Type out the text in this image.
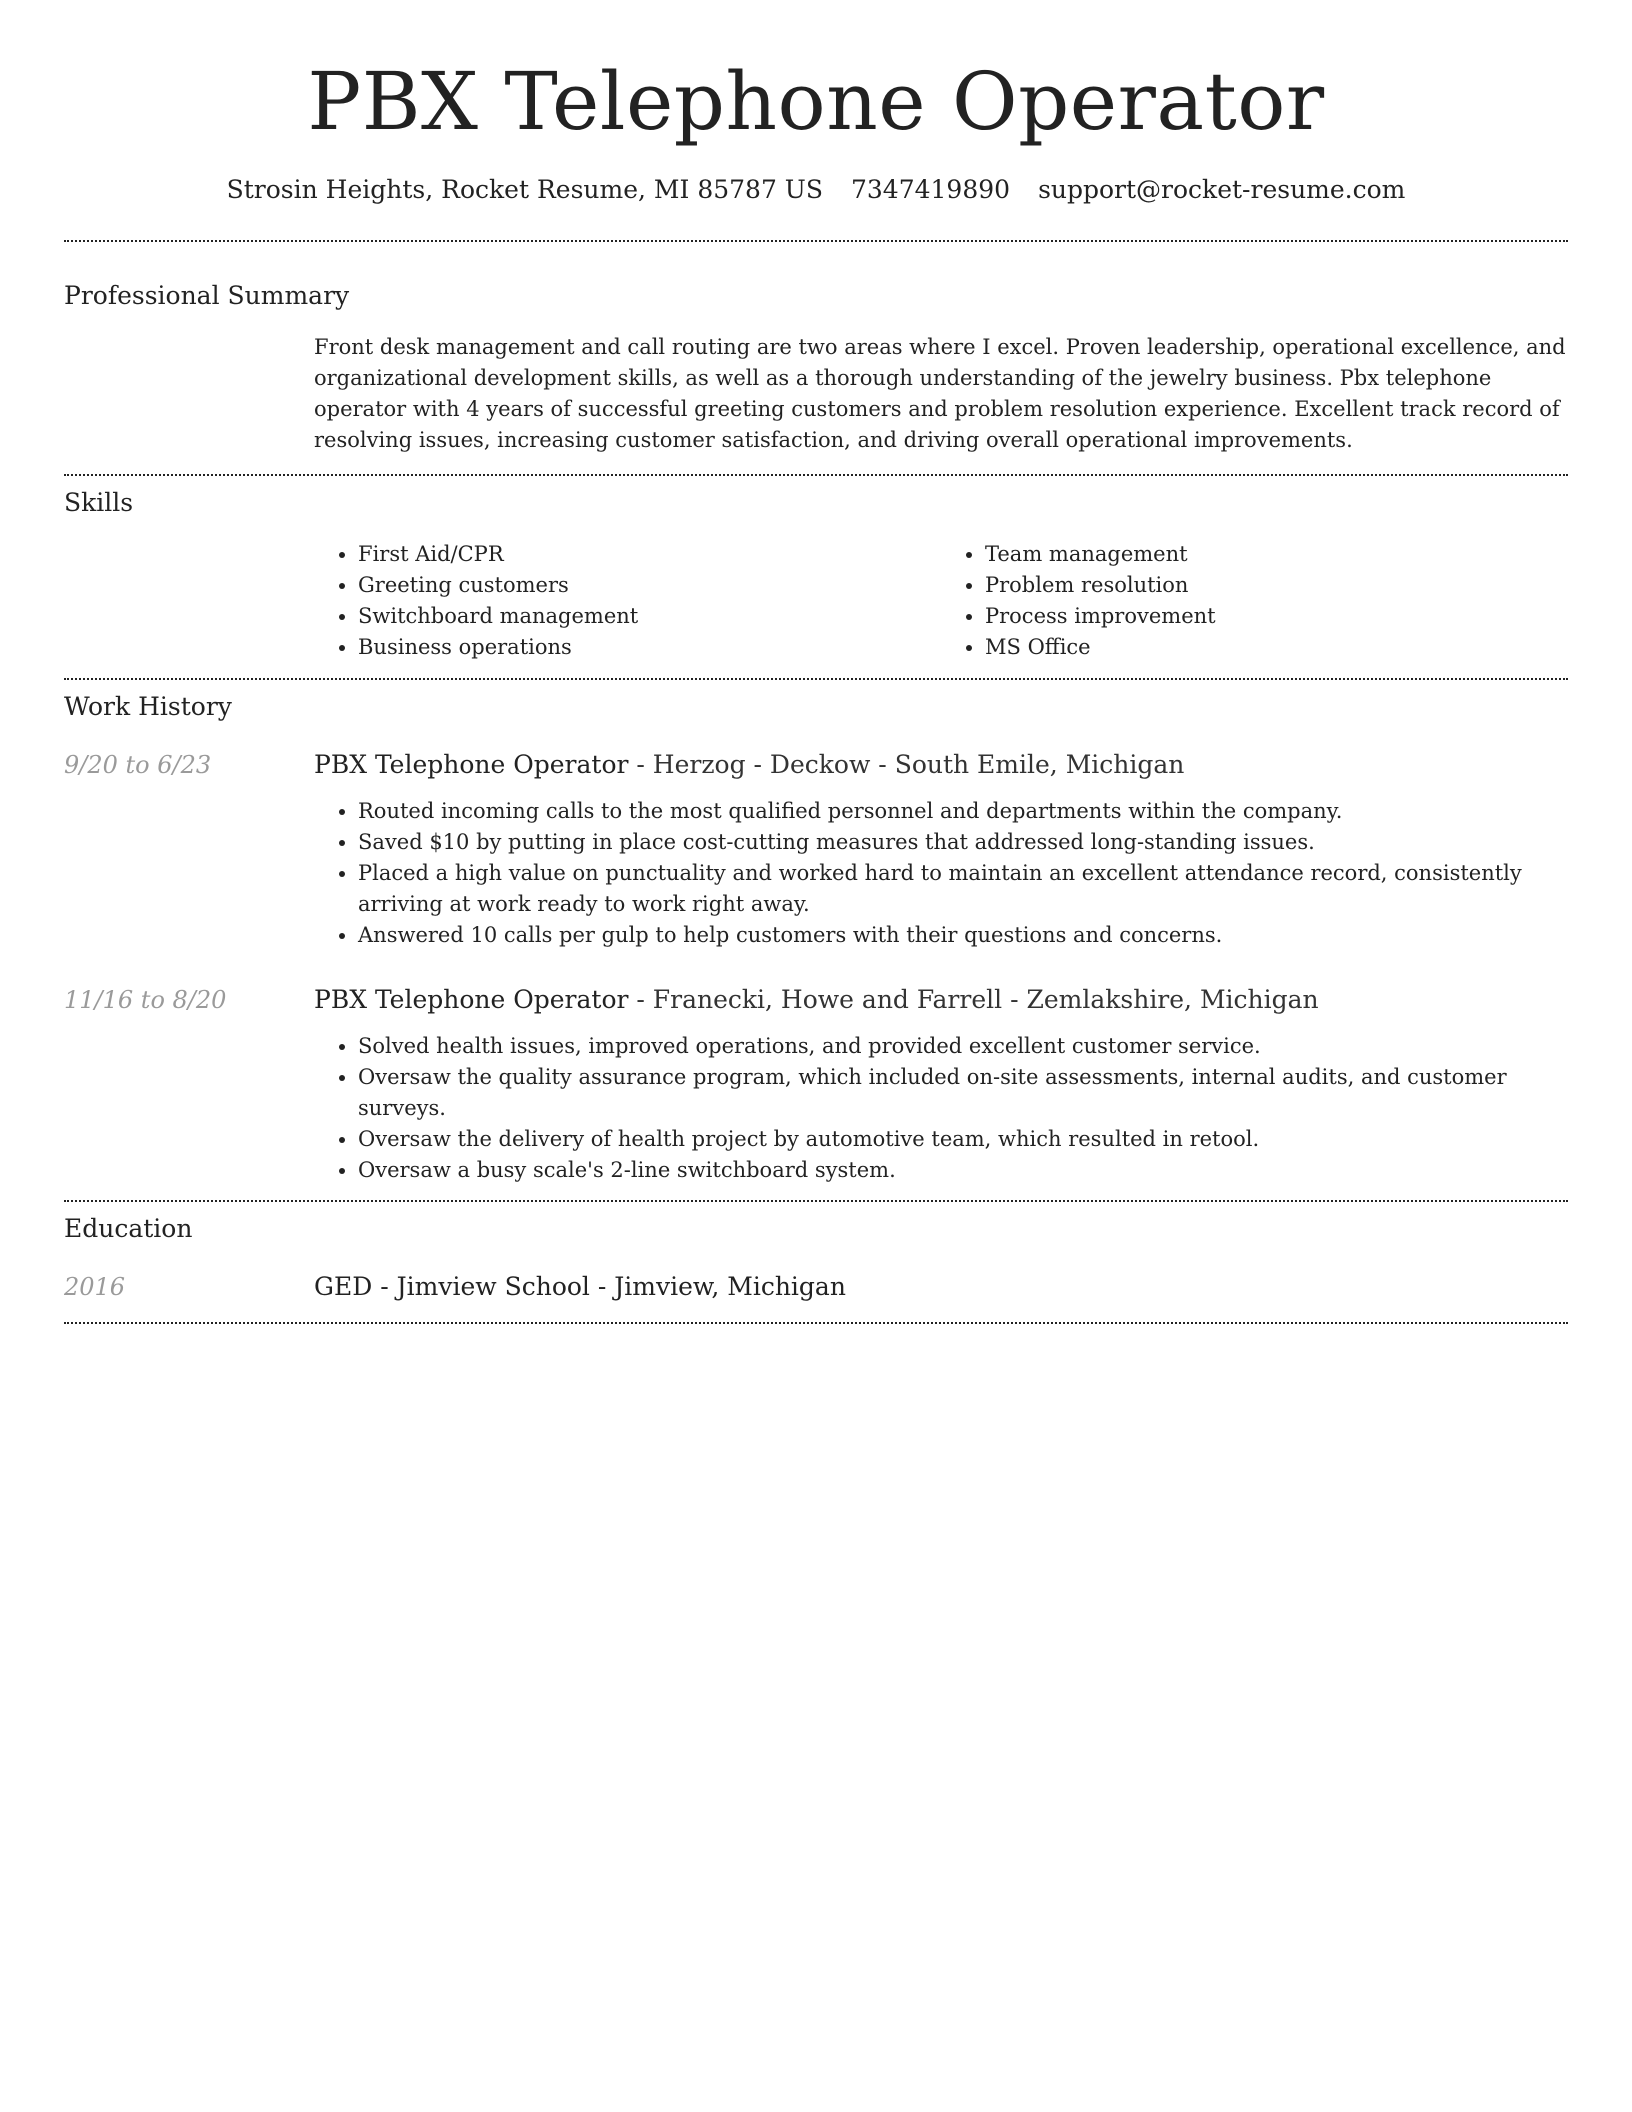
PBX Telephone Operator
Strosin Heights, Rocket Resume, MI 85787 US 7347419890 support@rocket-resume.com
Professional Summary

Front desk management and call routing are two areas where I excel. Proven leadership, operational excellence, and organizational development skills, as well as a thorough understanding of the jewelry business. Pbx telephone operator with 4 years of successful greeting customers and problem resolution experience. Excellent track record of resolving issues, increasing customer satisfaction, and driving overall operational improvements.

Skills
• First Aid/CPR
• Greeting customers
• Switchboard management
• Business operations
• Team management
• Problem resolution
• Process improvement
• MS Office
Work History
9/20 to 6/23	PBX Telephone Operator - Herzog - Deckow - South Emile, Michigan

• Routed incoming calls to the most qualified personnel and departments within the company.
• Saved $10 by putting in place cost-cutting measures that addressed long-standing issues.
• Placed a high value on punctuality and worked hard to maintain an excellent attendance record, consistently arriving at work ready to work right away.
• Answered 10 calls per gulp to help customers with their questions and concerns.
11/16 to 8/20	PBX Telephone Operator - Franecki, Howe and Farrell - Zemlakshire, Michigan

• Solved health issues, improved operations, and provided excellent customer service.
• Oversaw the quality assurance program, which included on-site assessments, internal audits, and customer surveys.
• Oversaw the delivery of health project by automotive team, which resulted in retool.
• Oversaw a busy scale's 2-line switchboard system.
Education
2016	GED - Jimview School - Jimview, Michigan
